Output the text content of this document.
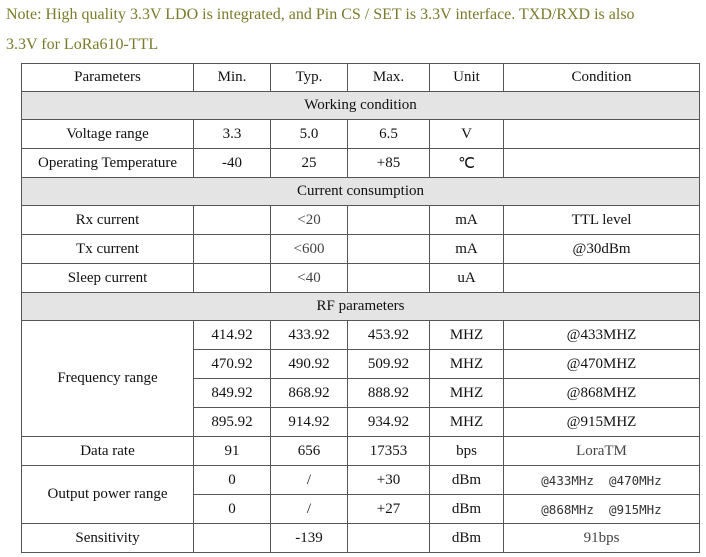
Note: High quality 3.3V LDO is integrated, and Pin CS / SET is 3.3V interface. TXD/RXD is also
3.3V for LoRa610-TTL
Parameters	Min.	Typ.	Max.	Unit	Condition
Working condition					
Voltage range	3.3	5.0	6.5	V	
Operating Temperature	-40	25	+85	℃	
Current consumption					
Rx current		<20		mA	TTL level
Tx current		<600		mA	@30dBm
Sleep current		<40		uA	
RF parameters					
Frequency range	414.92	433.92	453.92	MHZ	@433MHZ
	470.92	490.92	509.92	MHZ	@470MHZ
	849.92	868.92	888.92	MHZ	@868MHZ
	895.92	914.92	934.92	MHZ	@915MHZ
Data rate	91	656	17353	bps	LoraTM
Output power range	0	/	+30	dBm	@433MHz  @470MHz
	0	/	+27	dBm	@868MHz  @915MHz
Sensitivity		-139		dBm	91bps
